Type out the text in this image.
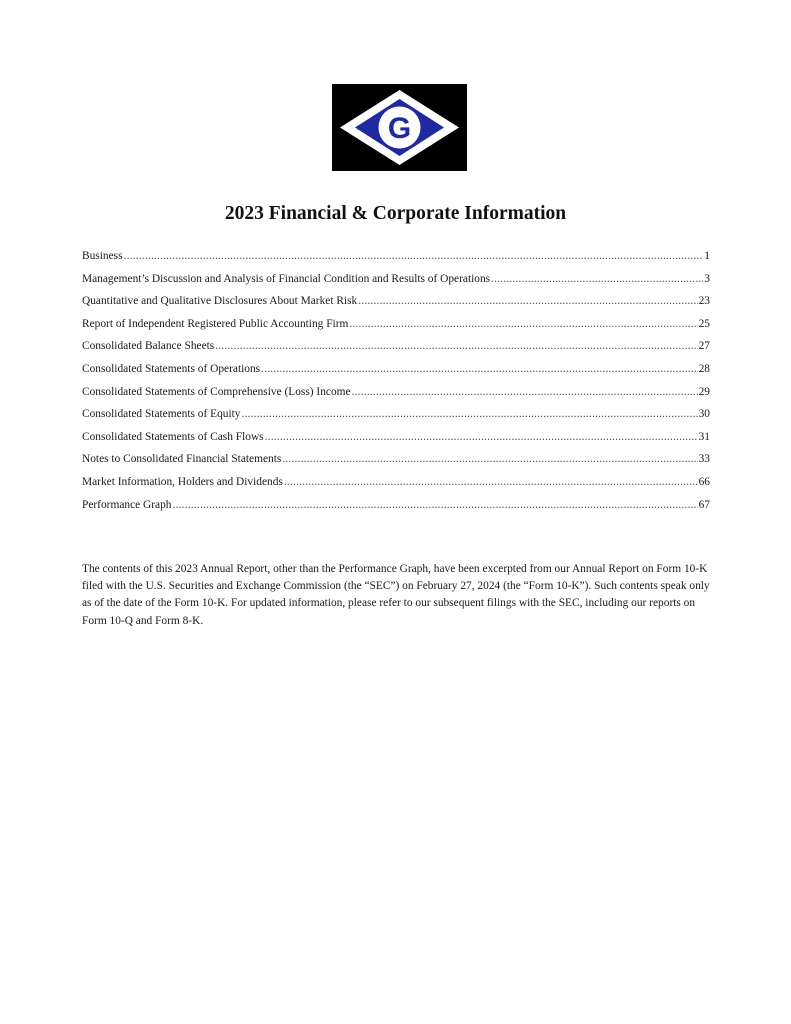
G
2023 Financial & Corporate Information
Business .....	1
Management’s Discussion and Analysis of Financial Condition and Results of Operations .....	3
Quantitative and Qualitative Disclosures About Market Risk .....	23
Report of Independent Registered Public Accounting Firm .....	25
Consolidated Balance Sheets .....	27
Consolidated Statements of Operations .....	28
Consolidated Statements of Comprehensive (Loss) Income .....	29
Consolidated Statements of Equity .....	30
Consolidated Statements of Cash Flows .....	31
Notes to Consolidated Financial Statements .....	33
Market Information, Holders and Dividends .....	66
Performance Graph .....	67

The contents of this 2023 Annual Report, other than the Performance Graph, have been excerpted from our Annual Report on Form 10-K filed with the U.S. Securities and Exchange Commission (the “SEC”) on February 27, 2024 (the “Form 10-K”). Such contents speak only as of the date of the Form 10-K. For updated information, please refer to our subsequent filings with the SEC, including our reports on Form 10-Q and Form 8-K.
